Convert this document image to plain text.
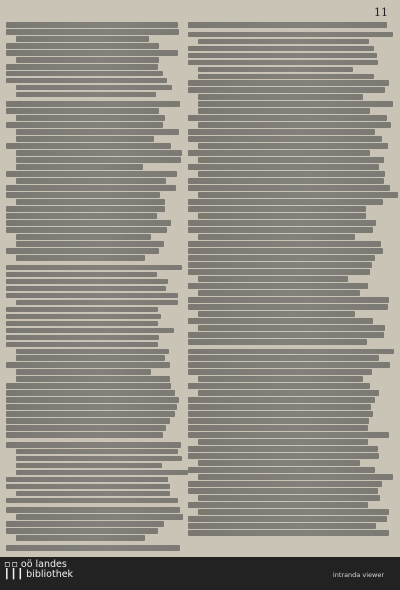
11
▫▫ oö landes
┃┃┃ bibliothek	intranda viewer
